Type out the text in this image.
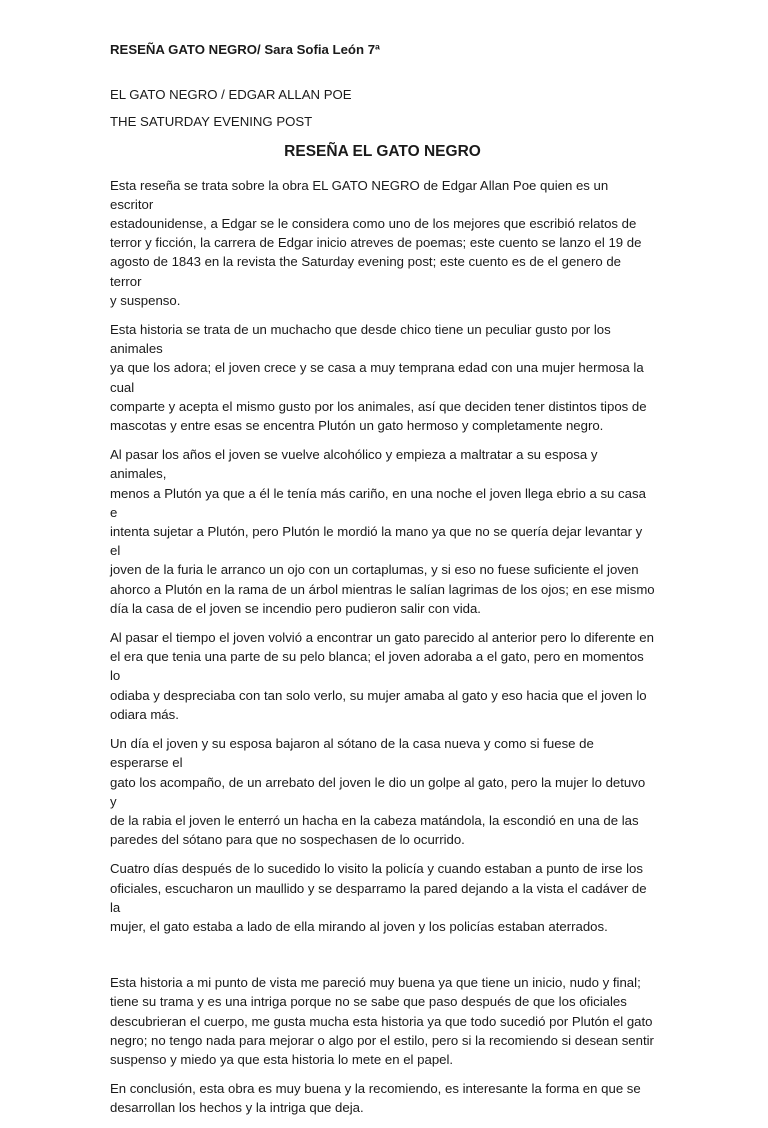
RESEÑA GATO NEGRO/ Sara Sofia León 7ª

EL GATO NEGRO / EDGAR ALLAN POE

THE SATURDAY EVENING POST

RESEÑA EL GATO NEGRO

Esta reseña se trata sobre la obra EL GATO NEGRO de Edgar Allan Poe quien es un escritor

estadounidense, a Edgar se le considera como uno de los mejores que escribió relatos de

terror y ficción, la carrera de Edgar inicio atreves de poemas; este cuento se lanzo el 19 de

agosto de 1843 en la revista the Saturday evening post; este cuento es de el genero de terror

y suspenso.

Esta historia se trata de un muchacho que desde chico tiene un peculiar gusto por los animales

ya que los adora; el joven crece y se casa a muy temprana edad con una mujer hermosa la cual

comparte y acepta el mismo gusto por los animales, así que deciden tener distintos tipos de

mascotas y entre esas se encentra Plutón un gato hermoso y completamente negro.

Al pasar los años el joven se vuelve alcohólico y empieza a maltratar a su esposa y animales,

menos a Plutón ya que a él le tenía más cariño, en una noche el joven llega ebrio a su casa e

intenta sujetar a Plutón, pero Plutón le mordió la mano ya que no se quería dejar levantar y el

joven de la furia le arranco un ojo con un cortaplumas, y si eso no fuese suficiente el joven

ahorco a Plutón en la rama de un árbol mientras le salían lagrimas de los ojos; en ese mismo

día la casa de el joven se incendio pero pudieron salir con vida.

Al pasar el tiempo el joven volvió a encontrar un gato parecido al anterior pero lo diferente en

el era que tenia una parte de su pelo blanca; el joven adoraba a el gato, pero en momentos lo

odiaba y despreciaba con tan solo verlo, su mujer amaba al gato y eso hacia que el joven lo

odiara más.

Un día el joven y su esposa bajaron al sótano de la casa nueva y como si fuese de esperarse el

gato los acompaño, de un arrebato del joven le dio un golpe al gato, pero la mujer lo detuvo y

de la rabia el joven le enterró un hacha en la cabeza matándola, la escondió en una de las

paredes del sótano para que no sospechasen de lo ocurrido.

Cuatro días después de lo sucedido lo visito la policía y cuando estaban a punto de irse los

oficiales, escucharon un maullido y se desparramo la pared dejando a la vista el cadáver de la

mujer, el gato estaba a lado de ella mirando al joven y los policías estaban aterrados.

Esta historia a mi punto de vista me pareció muy buena ya que tiene un inicio, nudo y final;

tiene su trama y es una intriga porque no se sabe que paso después de que los oficiales

descubrieran el cuerpo, me gusta mucha esta historia ya que todo sucedió por Plutón el gato

negro; no tengo nada para mejorar o algo por el estilo, pero si la recomiendo si desean sentir

suspenso y miedo ya que esta historia lo mete en el papel.

En conclusión, esta obra es muy buena y la recomiendo, es interesante la forma en que se

desarrollan los hechos y la intriga que deja.
